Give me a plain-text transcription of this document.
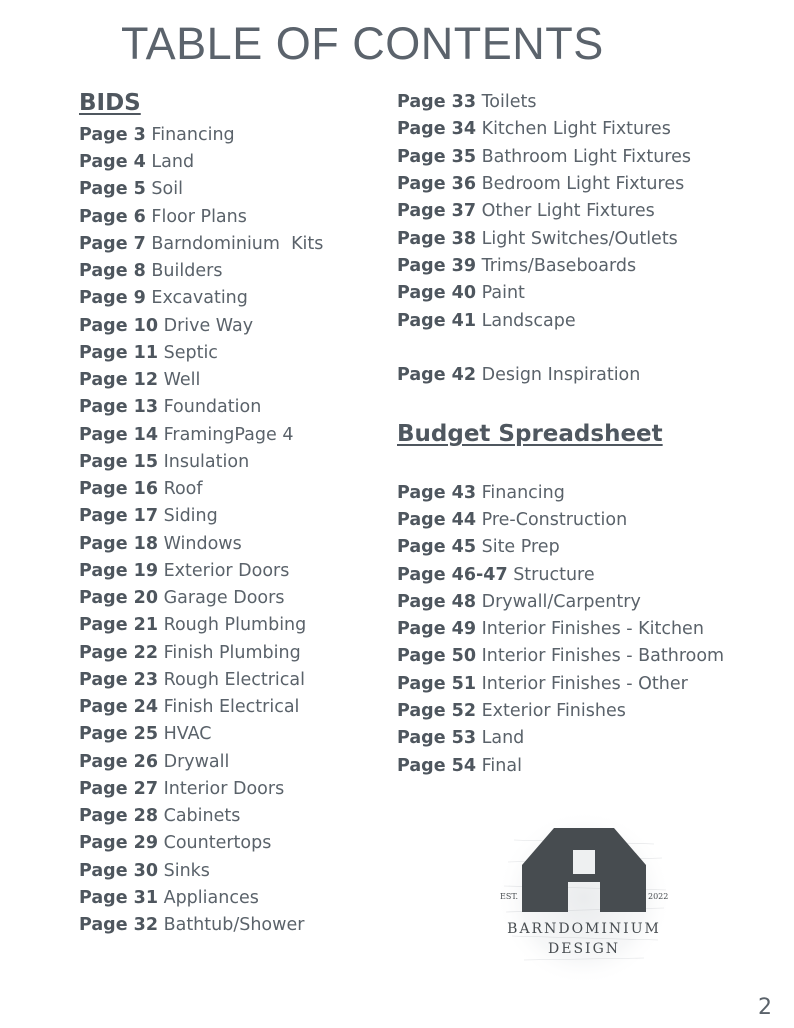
TABLE OF CONTENTS
BIDS
Page 3 Financing
Page 4 Land
Page 5 Soil
Page 6 Floor Plans
Page 7 Barndominium  Kits
Page 8 Builders
Page 9 Excavating
Page 10 Drive Way
Page 11 Septic
Page 12 Well
Page 13 Foundation
Page 14 FramingPage 4
Page 15 Insulation
Page 16 Roof
Page 17 Siding
Page 18 Windows
Page 19 Exterior Doors
Page 20 Garage Doors
Page 21 Rough Plumbing
Page 22 Finish Plumbing
Page 23 Rough Electrical
Page 24 Finish Electrical
Page 25 HVAC
Page 26 Drywall
Page 27 Interior Doors
Page 28 Cabinets
Page 29 Countertops
Page 30 Sinks
Page 31 Appliances
Page 32 Bathtub/Shower
Page 33 Toilets
Page 34 Kitchen Light Fixtures
Page 35 Bathroom Light Fixtures
Page 36 Bedroom Light Fixtures
Page 37 Other Light Fixtures
Page 38 Light Switches/Outlets
Page 39 Trims/Baseboards
Page 40 Paint
Page 41 Landscape
Page 42 Design Inspiration
Budget Spreadsheet
Page 43 Financing
Page 44 Pre-Construction
Page 45 Site Prep
Page 46-47 Structure
Page 48 Drywall/Carpentry
Page 49 Interior Finishes - Kitchen
Page 50 Interior Finishes - Bathroom
Page 51 Interior Finishes - Other
Page 52 Exterior Finishes
Page 53 Land
Page 54 Final
EST.	2022
BARNDOMINIUM
DESIGN
2
